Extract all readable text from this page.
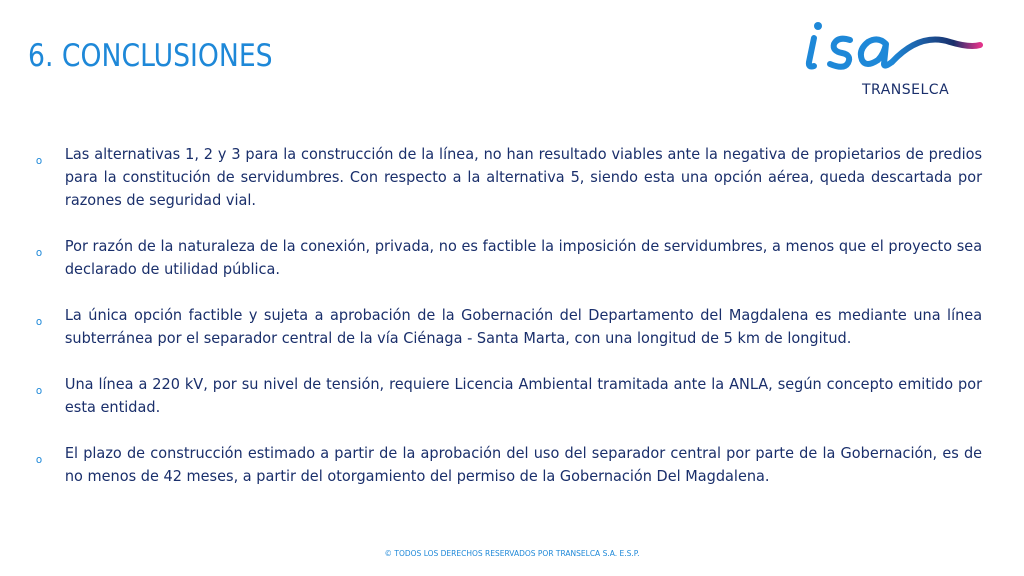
6. CONCLUSIONES
TRANSELCA
o Las alternativas 1, 2 y 3 para la construcción de la línea, no han resultado viables ante la negativa de propietarios de predios para la constitución de servidumbres. Con respecto a la alternativa 5, siendo esta una opción aérea, queda descartada por razones de seguridad vial.
o Por razón de la naturaleza de la conexión, privada, no es factible la imposición de servidumbres, a menos que el proyecto sea declarado de utilidad pública.
o La única opción factible y sujeta a aprobación de la Gobernación del Departamento del Magdalena es mediante una línea subterránea por el separador central de la vía Ciénaga - Santa Marta, con una longitud de 5 km de longitud.
o Una línea a 220 kV, por su nivel de tensión, requiere Licencia Ambiental tramitada ante la ANLA, según concepto emitido por esta entidad.
o El plazo de construcción estimado a partir de la aprobación del uso del separador central por parte de la Gobernación, es de no menos de 42 meses, a partir del otorgamiento del permiso de la Gobernación Del Magdalena.
© TODOS LOS DERECHOS RESERVADOS POR TRANSELCA S.A. E.S.P.
